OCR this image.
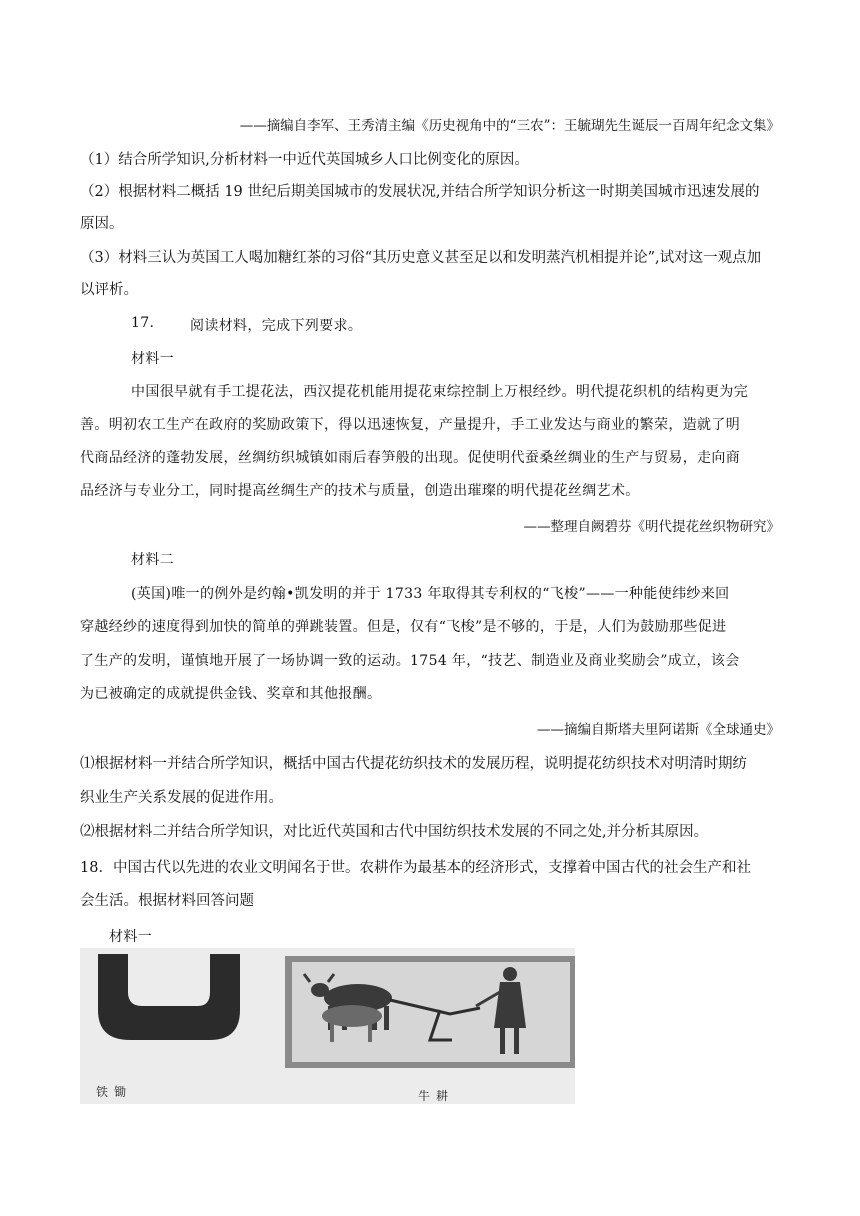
——摘编自李军、王秀清主编《历史视角中的“三农”：王毓瑚先生诞辰一百周年纪念文集》
（1）结合所学知识,分析材料一中近代英国城乡人口比例变化的原因。
（2）根据材料二概括 19 世纪后期美国城市的发展状况,并结合所学知识分析这一时期美国城市迅速发展的
原因。
（3）材料三认为英国工人喝加糖红茶的习俗“其历史意义甚至足以和发明蒸汽机相提并论”,试对这一观点加
以评析。
17.	阅读材料，完成下列要求。
材料一
中国很早就有手工提花法，西汉提花机能用提花束综控制上万根经纱。明代提花织机的结构更为完
善。明初农工生产在政府的奖励政策下，得以迅速恢复，产量提升，手工业发达与商业的繁荣，造就了明
代商品经济的蓬勃发展，丝绸纺织城镇如雨后春笋般的出现。促使明代蚕桑丝绸业的生产与贸易，走向商
品经济与专业分工，同时提高丝绸生产的技术与质量，创造出璀璨的明代提花丝绸艺术。
——整理自阙碧芬《明代提花丝织物研究》
材料二
(英国)唯一的例外是约翰•凯发明的并于 1733 年取得其专利权的“飞梭”——一种能使纬纱来回
穿越经纱的速度得到加快的简单的弹跳装置。但是，仅有“飞梭”是不够的，于是，人们为鼓励那些促进
了生产的发明，谨慎地开展了一场协调一致的运动。1754 年，“技艺、制造业及商业奖励会”成立，该会
为已被确定的成就提供金钱、奖章和其他报酬。
——摘编自斯塔夫里阿诺斯《全球通史》
⑴根据材料一并结合所学知识，概括中国古代提花纺织技术的发展历程，说明提花纺织技术对明清时期纺
织业生产关系发展的促进作用。
⑵根据材料二并结合所学知识，对比近代英国和古代中国纺织技术发展的不同之处,并分析其原因。
18．中国古代以先进的农业文明闻名于世。农耕作为最基本的经济形式，支撑着中国古代的社会生产和社
会生活。根据材料回答问题
材料一
铁锄	牛耕
